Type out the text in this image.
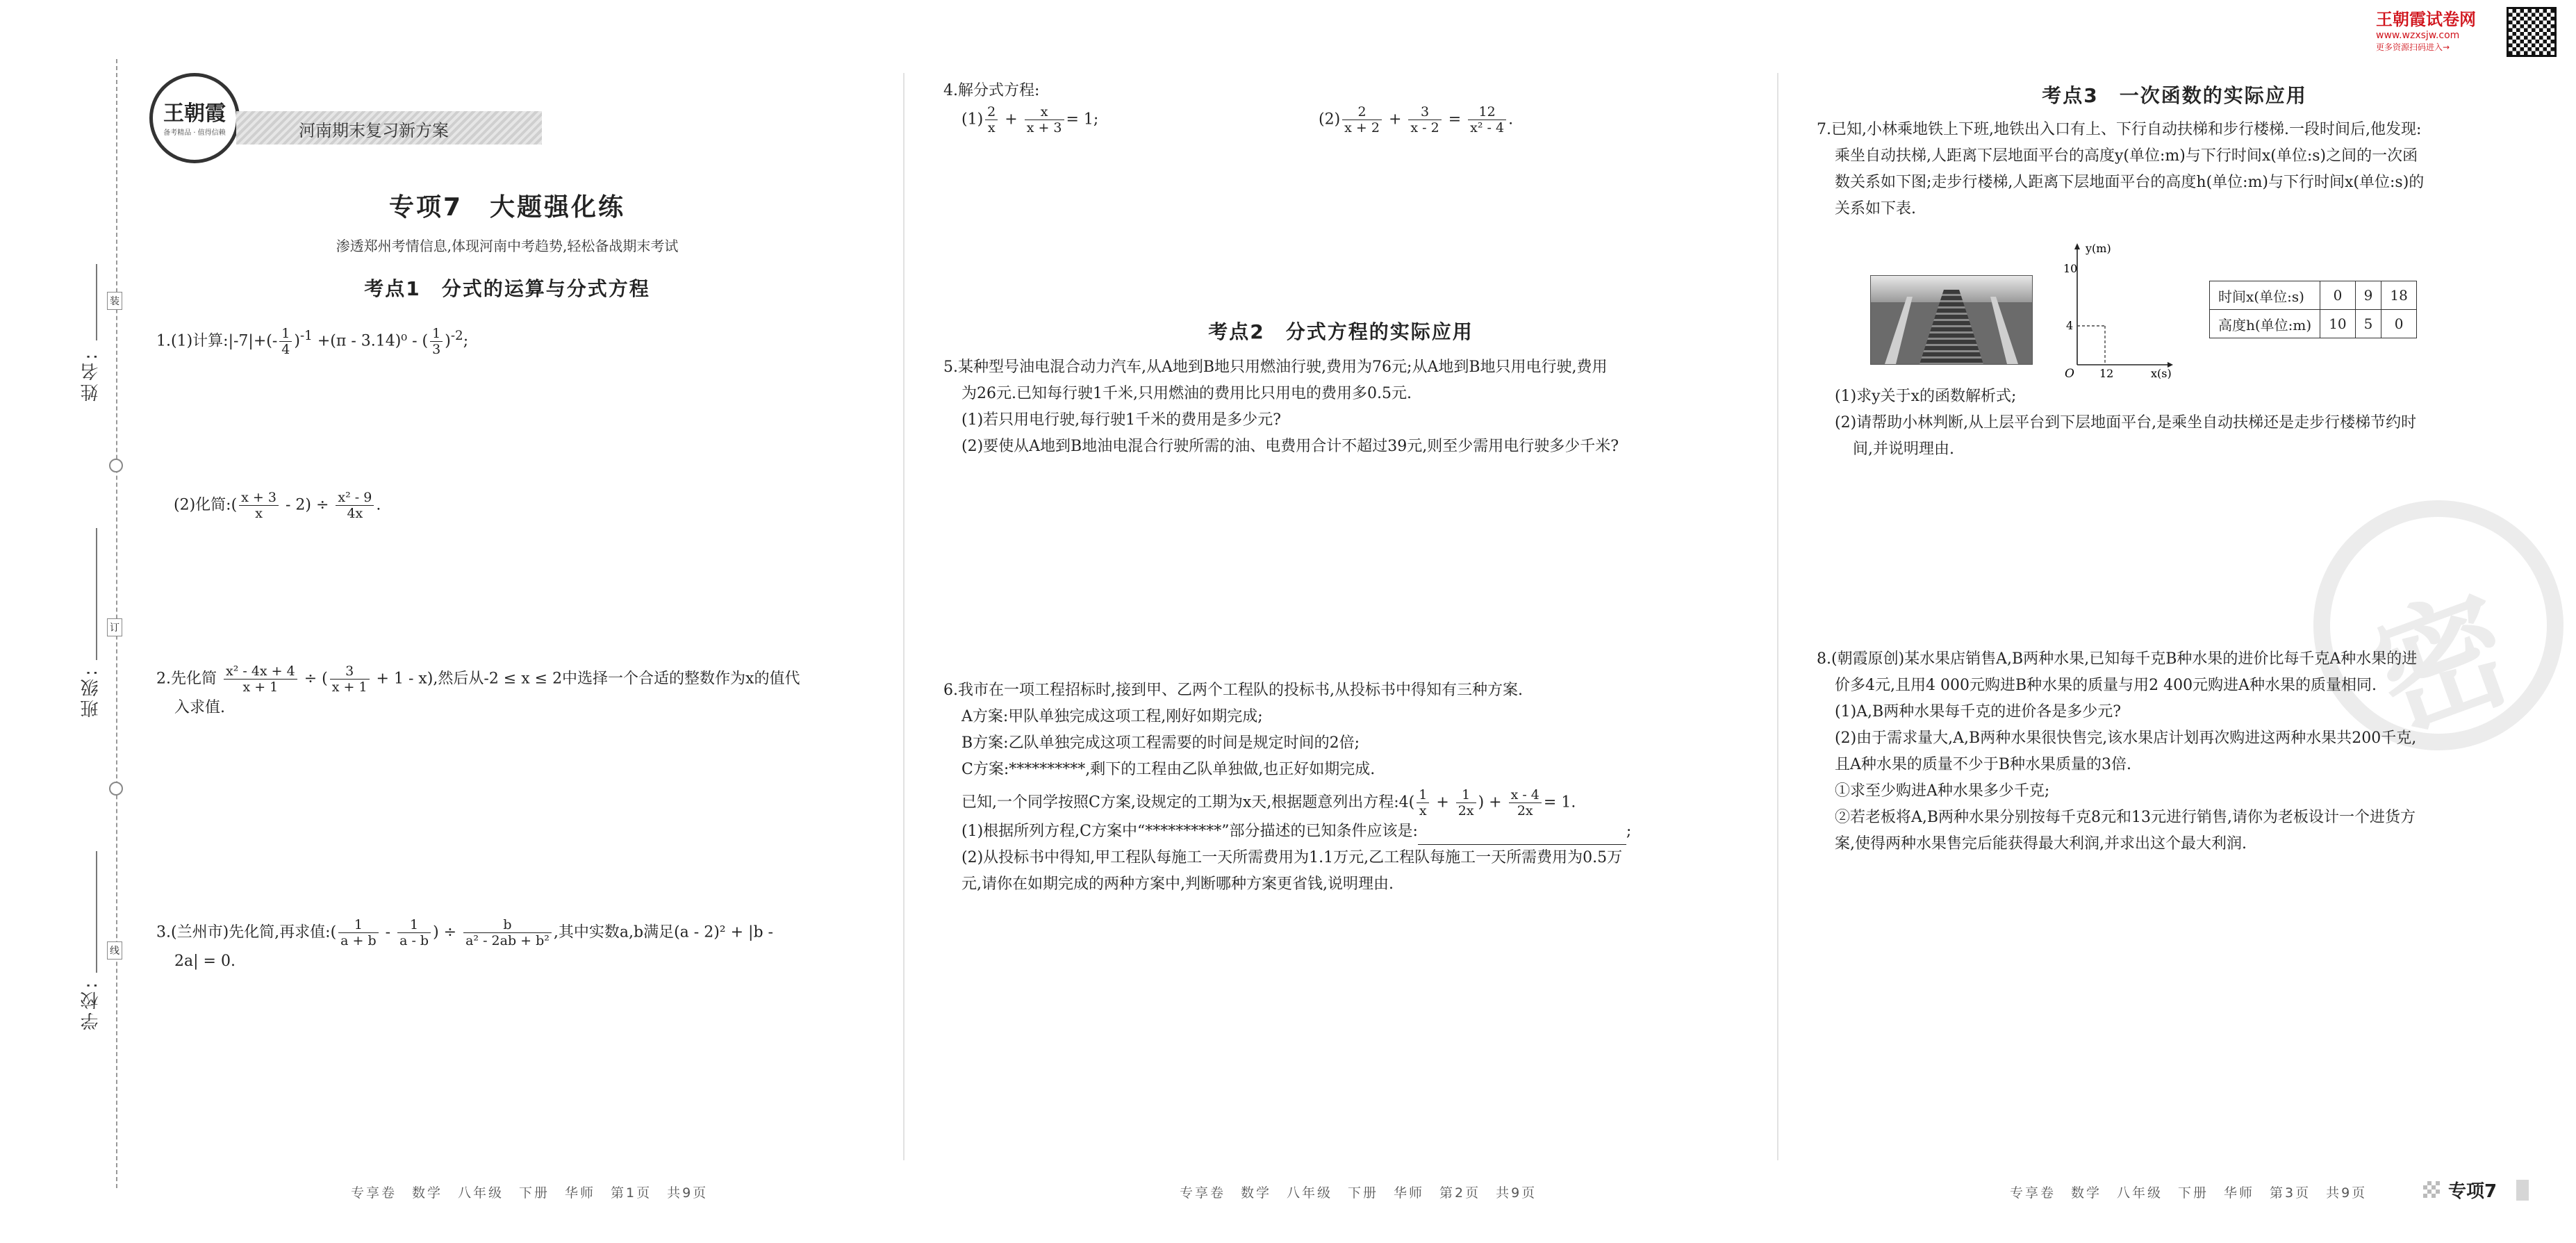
姓名:
班级:
学校:
装
订
线
王朝霞
备考精品 · 值得信赖	河南期末复习新方案
专项7　大题强化练
渗透郑州考情信息,体现河南中考趋势,轻松备战期末考试
考点1　分式的运算与分式方程
1.(1)计算:|-7|+(- $\frac{1}{4} )^{-1} +(\pi - 3.14)^0$ - ( $\frac{1}{3} )^{-2}$;
(2)化简:( $\frac{x + 3}{x} - 2) \div \frac{\text{x² - 9}}{4x}$ .

2.先化简 $\frac{\text{x² - 4x + 4}}{x + 1}$ ÷ ( $\frac{3}{x + 1} + 1 - x$),然后从-2 ≤ x ≤ 2中选择一个合适的整数作为x的值代

入求值.

3.(兰州市)先化简,再求值:( $\frac{1}{a + b} - \frac{1}{a - b}$ ) ÷ $\frac{b}{\text{a² - 2ab + b²}}$ ,其中实数a,b满足(a - 2)² + |b -

2a| = 0.

专享卷　数学　八年级　下册　华师　第1页　共9页

4.解分式方程:

$(1) \frac{2}{x} + \frac{x}{x + 3} = 1$;	$(2) \frac{2}{x + 2} + \frac{3}{x - 2} = \frac{12}{\text{x² - 4}}$ .

考点2　分式方程的实际应用

5.某种型号油电混合动力汽车,从A地到B地只用燃油行驶,费用为76元;从A地到B地只用电行驶,费用

为26元.已知每行驶1千米,只用燃油的费用比只用电的费用多0.5元.

(1)若只用电行驶,每行驶1千米的费用是多少元?

(2)要使从A地到B地油电混合行驶所需的油、电费用合计不超过39元,则至少需用电行驶多少千米?

6.我市在一项工程招标时,接到甲、乙两个工程队的投标书,从投标书中得知有三种方案.

A方案:甲队单独完成这项工程,刚好如期完成;

B方案:乙队单独完成这项工程需要的时间是规定时间的2倍;

C方案:**********,剩下的工程由乙队单独做,也正好如期完成.

已知,一个同学按照C方案,设规定的工期为x天,根据题意列出方程:4( $\frac{1}{x} + \frac{1}{2x}$ ) + $\frac{x - 4}{2x} = 1$.

(1)根据所列方程,C方案中“**********”部分描述的已知条件应该是:	;

(2)从投标书中得知,甲工程队每施工一天所需费用为1.1万元,乙工程队每施工一天所需费用为0.5万

元,请你在如期完成的两种方案中,判断哪种方案更省钱,说明理由.

专享卷　数学　八年级　下册　华师　第2页　共9页
王朝霞试卷网
www.wzxsjw.com
更多资源扫码进入→
考点3　一次函数的实际应用

7.已知,小林乘地铁上下班,地铁出入口有上、下行自动扶梯和步行楼梯.一段时间后,他发现:

乘坐自动扶梯,人距离下层地面平台的高度y(单位:m)与下行时间x(单位:s)之间的一次函

数关系如下图;走步行楼梯,人距离下层地面平台的高度h(单位:m)与下行时间x(单位:s)的

关系如下表.

y(m)
x(s)
10
4
O 12
时间x(单位:s)	0	9	18
高度h(单位:m)	10	5	0

(1)求y关于x的函数解析式;

(2)请帮助小林判断,从上层平台到下层地面平台,是乘坐自动扶梯还是走步行楼梯节约时

间,并说明理由.

密

8.(朝霞原创)某水果店销售A,B两种水果,已知每千克B种水果的进价比每千克A种水果的进

价多4元,且用4 000元购进B种水果的质量与用2 400元购进A种水果的质量相同.

(1)A,B两种水果每千克的进价各是多少元?

(2)由于需求量大,A,B两种水果很快售完,该水果店计划再次购进这两种水果共200千克,

且A种水果的质量不少于B种水果质量的3倍.

①求至少购进A种水果多少千克;

②若老板将A,B两种水果分别按每千克8元和13元进行销售,请你为老板设计一个进货方

案,使得两种水果售完后能获得最大利润,并求出这个最大利润.

专享卷　数学　八年级　下册　华师　第3页　共9页	专项7
